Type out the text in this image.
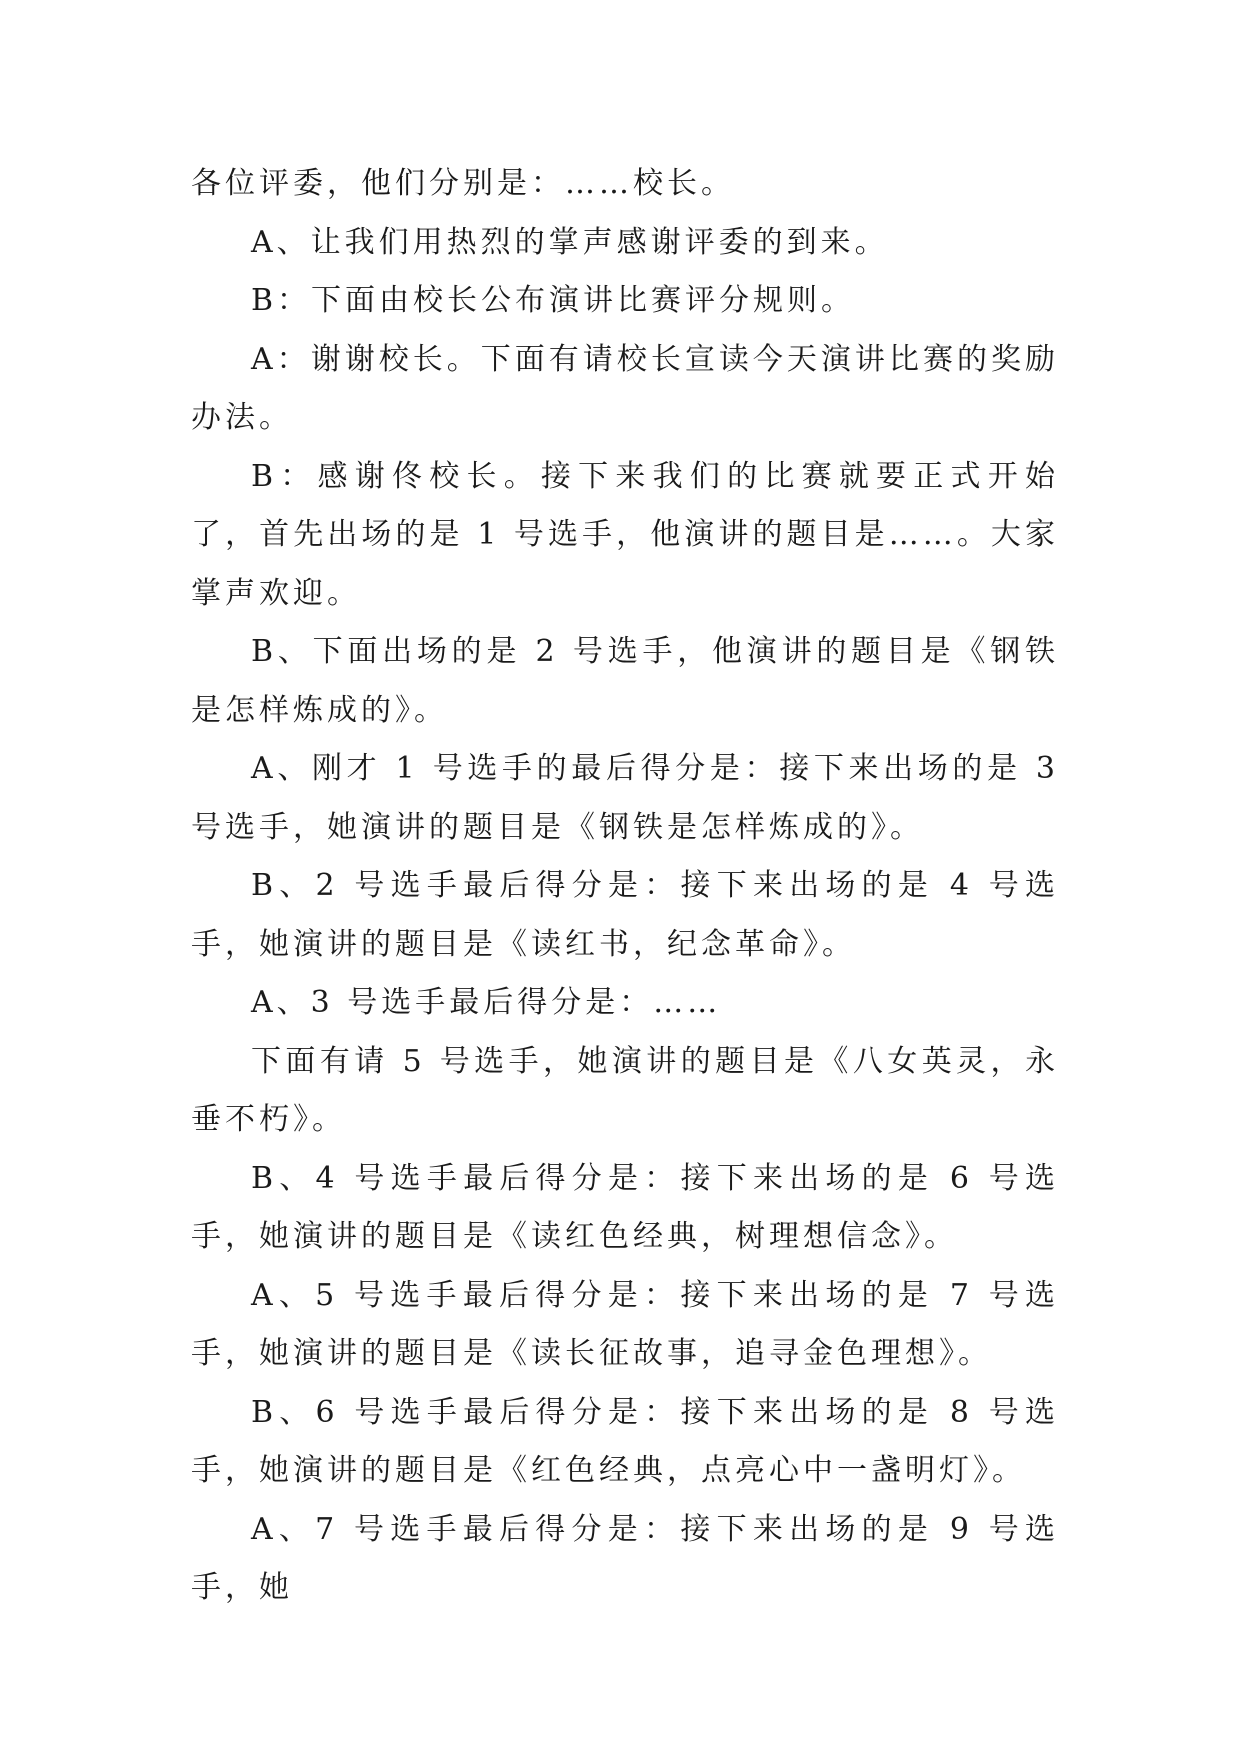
各位评委，他们分别是：……校长。

A、让我们用热烈的掌声感谢评委的到来。

B：下面由校长公布演讲比赛评分规则。

A：谢谢校长。下面有请校长宣读今天演讲比赛的奖励办法。

B：感谢佟校长。接下来我们的比赛就要正式开始了，首先出场的是 1 号选手，他演讲的题目是……。大家掌声欢迎。

B、下面出场的是 2 号选手，他演讲的题目是《钢铁是怎样炼成的》。

A、刚才 1 号选手的最后得分是：接下来出场的是 3 号选手，她演讲的题目是《钢铁是怎样炼成的》。

B、2 号选手最后得分是：接下来出场的是 4 号选手，她演讲的题目是《读红书，纪念革命》。

A、3 号选手最后得分是：……

下面有请 5 号选手，她演讲的题目是《八女英灵，永垂不朽》。

B、4 号选手最后得分是：接下来出场的是 6 号选手，她演讲的题目是《读红色经典，树理想信念》。

A、5 号选手最后得分是：接下来出场的是 7 号选手，她演讲的题目是《读长征故事，追寻金色理想》。

B、6 号选手最后得分是：接下来出场的是 8 号选手，她演讲的题目是《红色经典，点亮心中一盏明灯》。

A、7 号选手最后得分是：接下来出场的是 9 号选手，她
